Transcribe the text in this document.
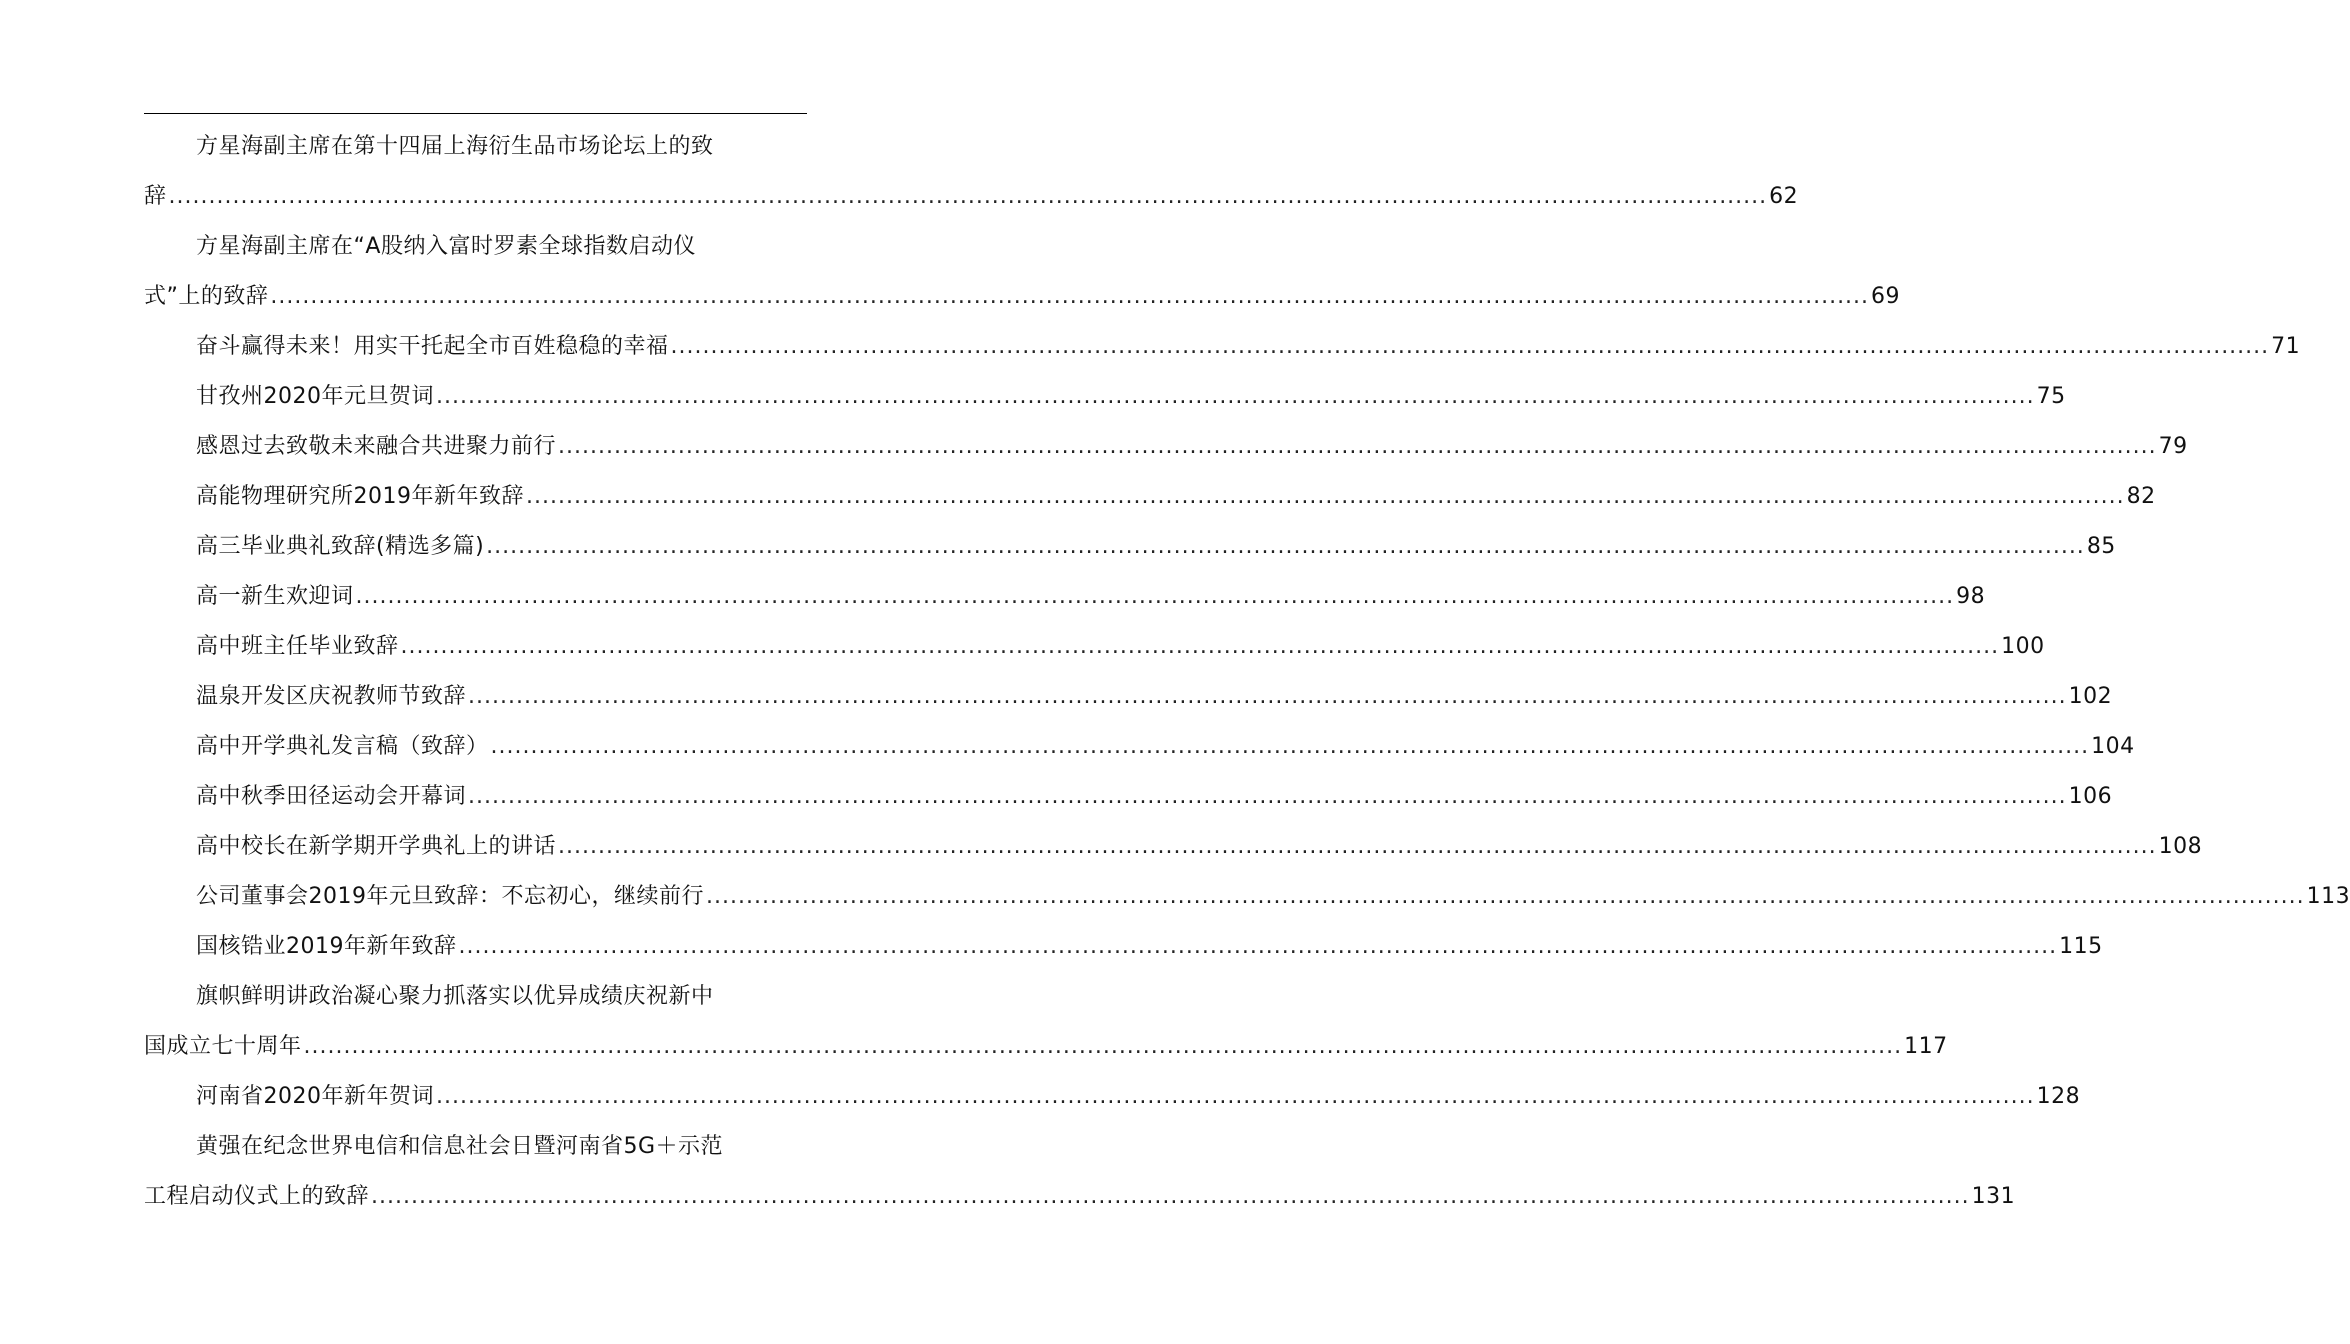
方星海副主席在第十四届上海衍生品市场论坛上的致
辞 ........................................................................................................................................................................................................ 62
方星海副主席在“A股纳入富时罗素全球指数启动仪
式”上的致辞 ........................................................................................................................................................................................................ 69
奋斗赢得未来！用实干托起全市百姓稳稳的幸福 ........................................................................................................................................................................................................ 71
甘孜州2020年元旦贺词 ........................................................................................................................................................................................................ 75
感恩过去致敬未来融合共进聚力前行 ........................................................................................................................................................................................................ 79
高能物理研究所2019年新年致辞 ........................................................................................................................................................................................................ 82
高三毕业典礼致辞(精选多篇) ........................................................................................................................................................................................................ 85
高一新生欢迎词 ........................................................................................................................................................................................................ 98
高中班主任毕业致辞 ........................................................................................................................................................................................................ 100
温泉开发区庆祝教师节致辞 ........................................................................................................................................................................................................ 102
高中开学典礼发言稿（致辞） ........................................................................................................................................................................................................ 104
高中秋季田径运动会开幕词 ........................................................................................................................................................................................................ 106
高中校长在新学期开学典礼上的讲话 ........................................................................................................................................................................................................ 108
公司董事会2019年元旦致辞：不忘初心，继续前行 ........................................................................................................................................................................................................ 113
国核锆业2019年新年致辞 ........................................................................................................................................................................................................ 115
旗帜鲜明讲政治凝心聚力抓落实以优异成绩庆祝新中
国成立七十周年 ........................................................................................................................................................................................................ 117
河南省2020年新年贺词 ........................................................................................................................................................................................................ 128
黄强在纪念世界电信和信息社会日暨河南省5G＋示范
工程启动仪式上的致辞 ........................................................................................................................................................................................................ 131
